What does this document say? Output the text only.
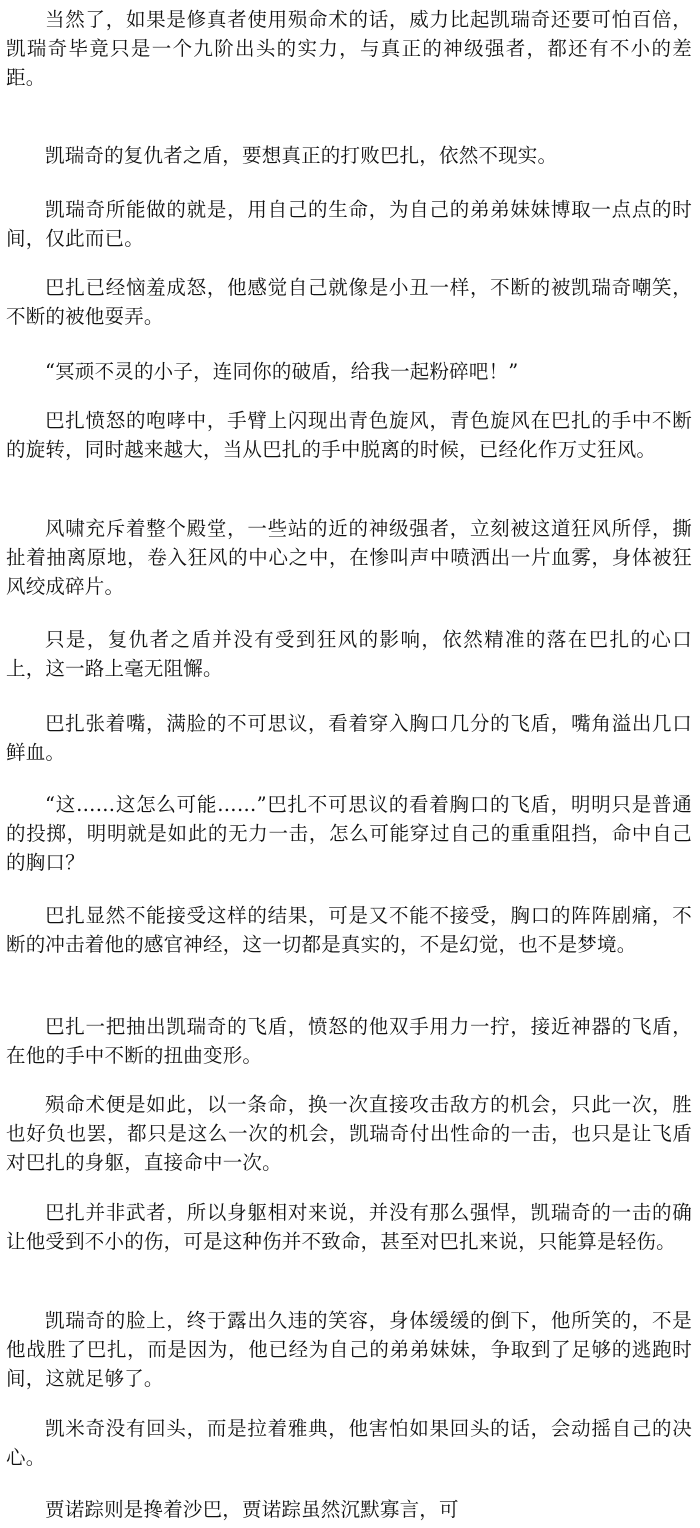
当然了，如果是修真者使用殒命术的话，威力比起凯瑞奇还要可怕百倍，凯瑞奇毕竟只是一个九阶出头的实力，与真正的神级强者，都还有不小的差距。

凯瑞奇的复仇者之盾，要想真正的打败巴扎，依然不现实。

凯瑞奇所能做的就是，用自己的生命，为自己的弟弟妹妹博取一点点的时间，仅此而已。

巴扎已经恼羞成怒，他感觉自己就像是小丑一样，不断的被凯瑞奇嘲笑，不断的被他耍弄。

“冥顽不灵的小子，连同你的破盾，给我一起粉碎吧！”

巴扎愤怒的咆哮中，手臂上闪现出青色旋风，青色旋风在巴扎的手中不断的旋转，同时越来越大，当从巴扎的手中脱离的时候，已经化作万丈狂风。

风啸充斥着整个殿堂，一些站的近的神级强者，立刻被这道狂风所俘，撕扯着抽离原地，卷入狂风的中心之中，在惨叫声中喷洒出一片血雾，身体被狂风绞成碎片。

只是，复仇者之盾并没有受到狂风的影响，依然精准的落在巴扎的心口上，这一路上毫无阻懈。

巴扎张着嘴，满脸的不可思议，看着穿入胸口几分的飞盾，嘴角溢出几口鲜血。

“这……这怎么可能……”巴扎不可思议的看着胸口的飞盾，明明只是普通的投掷，明明就是如此的无力一击，怎么可能穿过自己的重重阻挡，命中自己的胸口？

巴扎显然不能接受这样的结果，可是又不能不接受，胸口的阵阵剧痛，不断的冲击着他的感官神经，这一切都是真实的，不是幻觉，也不是梦境。

巴扎一把抽出凯瑞奇的飞盾，愤怒的他双手用力一拧，接近神器的飞盾，在他的手中不断的扭曲变形。

殒命术便是如此，以一条命，换一次直接攻击敌方的机会，只此一次，胜也好负也罢，都只是这么一次的机会，凯瑞奇付出性命的一击，也只是让飞盾对巴扎的身躯，直接命中一次。

巴扎并非武者，所以身躯相对来说，并没有那么强悍，凯瑞奇的一击的确让他受到不小的伤，可是这种伤并不致命，甚至对巴扎来说，只能算是轻伤。

凯瑞奇的脸上，终于露出久违的笑容，身体缓缓的倒下，他所笑的，不是他战胜了巴扎，而是因为，他已经为自己的弟弟妹妹，争取到了足够的逃跑时间，这就足够了。

凯米奇没有回头，而是拉着雅典，他害怕如果回头的话，会动摇自己的决心。

贾诺踪则是搀着沙巴，贾诺踪虽然沉默寡言，可
